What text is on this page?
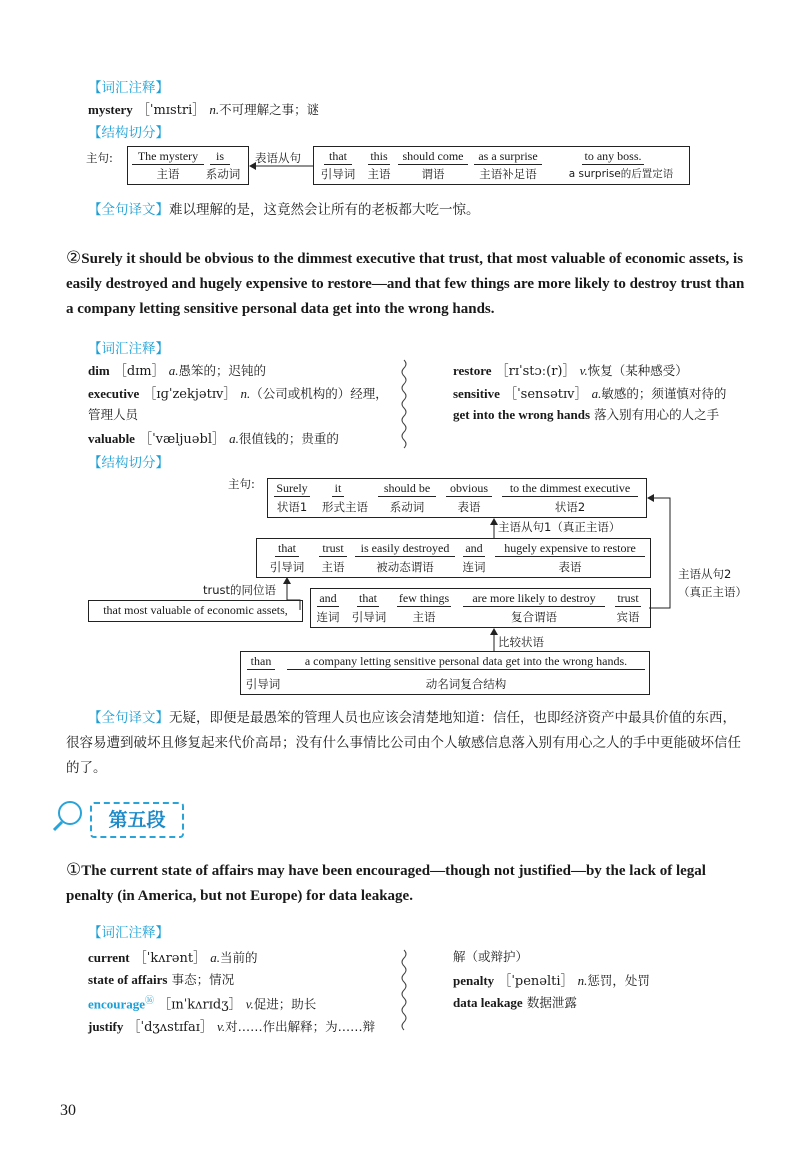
【词汇注释】
mystery ［ˈmɪstri］ n.不可理解之事；谜
【结构切分】
主句:	The mystery
主语
is
系动词
表语从句	that
引导词
this
主语
should come
谓语
as a surprise
主语补足语
to any boss.
a surprise的后置定语
【全句译文】难以理解的是，这竟然会让所有的老板都大吃一惊。
②Surely it should be obvious to the dimmest executive that trust, that most valuable of economic assets, is easily destroyed and hugely expensive to restore—and that few things are more likely to destroy trust than a company letting sensitive personal data get into the wrong hands.
【词汇注释】
dim ［dɪm］ a.愚笨的；迟钝的
executive ［ɪɡˈzekjətɪv］ n.（公司或机构的）经理，
管理人员
valuable ［ˈvæljuəbl］ a.很值钱的；贵重的
restore ［rɪˈstɔː(r)］ v.恢复（某种感受）
sensitive ［ˈsensətɪv］ a.敏感的；须谨慎对待的
get into the wrong hands 落入别有用心的人之手
【结构切分】
主句: Surely
状语1
it
形式主语
should be
系动词
obvious
表语
to the dimmest executive
状语2
主语从句1（真正主语）
that
引导词
trust
主语
is easily destroyed
被动态谓语
and
连词
hugely expensive to restore
表语
trust的同位语
that most valuable of economic assets,
and
连词
that
引导词
few things
主语
are more likely to destroy
复合谓语
trust
宾语
主语从句2
（真正主语）
比较状语
than
引导词
a company letting sensitive personal data get into the wrong hands.
动名词复合结构
【全句译文】无疑，即便是最愚笨的管理人员也应该会清楚地知道：信任，也即经济资产中最具价值的东西，很容易遭到破坏且修复起来代价高昂；没有什么事情比公司由个人敏感信息落入别有用心之人的手中更能破坏信任的了。
第五段
①The current state of affairs may have been encouraged—though not justified—by the lack of legal penalty (in America, but not Europe) for data leakage.
【词汇注释】
current ［ˈkʌrənt］ a.当前的
state of affairs 事态；情况
encourage⑯ ［ɪnˈkʌrɪdʒ］ v.促进；助长
justify ［ˈdʒʌstɪfaɪ］ v.对……作出解释；为……辩
解（或辩护）
penalty ［ˈpenəlti］ n.惩罚，处罚
data leakage 数据泄露
30
